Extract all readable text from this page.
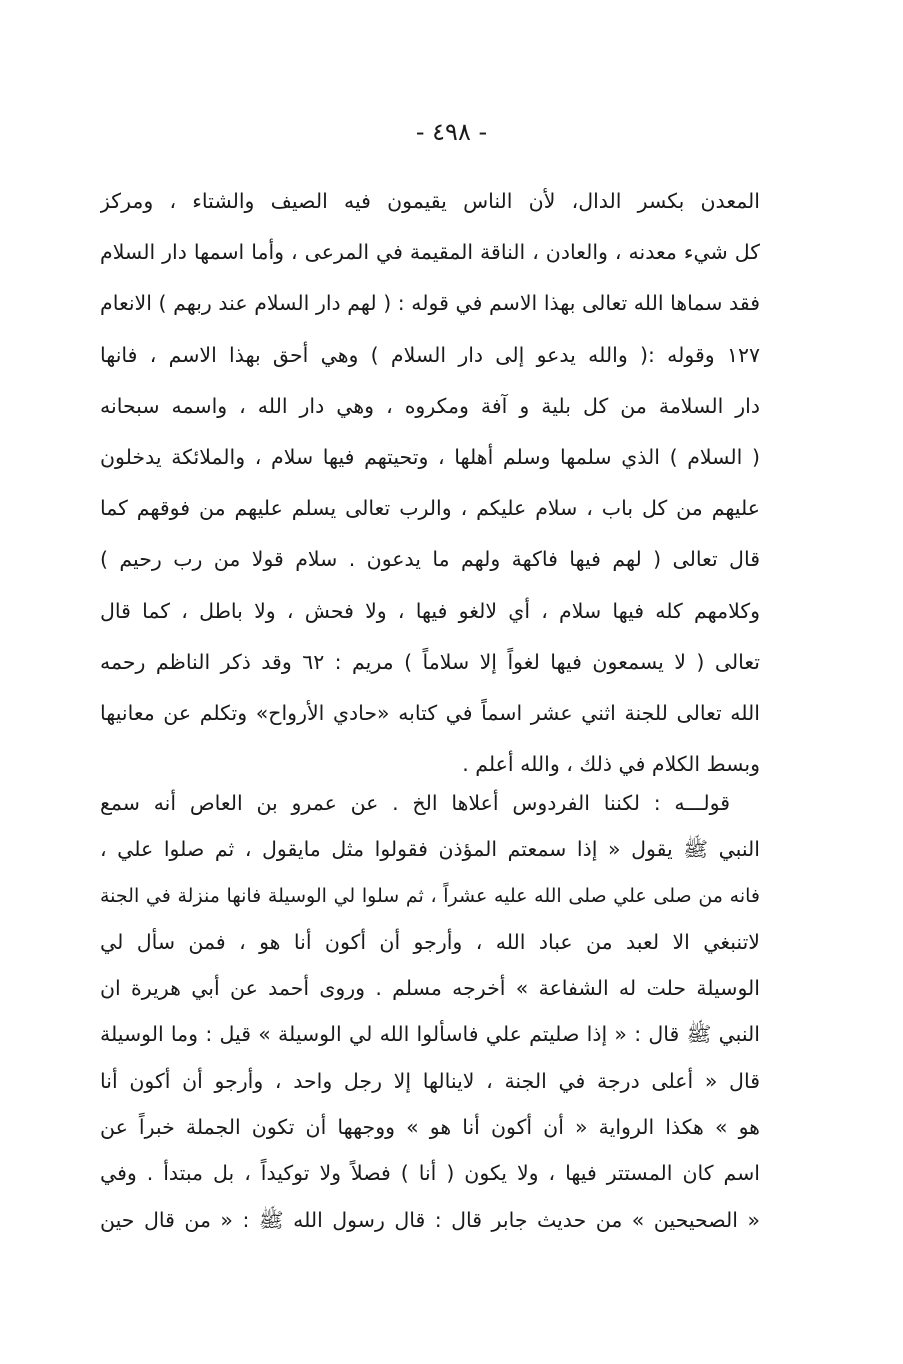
- ٤٩٨ -
المعدن بكسر الدال، لأن الناس يقيمون فيه الصيف والشتاء ، ومركز
كل شيء معدنه ، والعادن ، الناقة المقيمة في المرعى ، وأما اسمها دار السلام
فقد سماها الله تعالى بهذا الاسم في قوله : ( لهم دار السلام عند ربهم ) الانعام
١٢٧ وقوله :( والله يدعو إلى دار السلام ) وهي أحق بهذا الاسم ، فانها
دار السلامة من كل بلية و آفة ومكروه ، وهي دار الله ، واسمه سبحانه
( السلام ) الذي سلمها وسلم أهلها ، وتحيتهم فيها سلام ، والملائكة يدخلون
عليهم من كل باب ، سلام عليكم ، والرب تعالى يسلم عليهم من فوقهم كما
قال تعالى ( لهم فيها فاكهة ولهم ما يدعون . سلام قولا من رب رحيم )
وكلامهم كله فيها سلام ، أي لالغو فيها ، ولا فحش ، ولا باطل ، كما قال
تعالى ( لا يسمعون فيها لغواً إلا سلاماً ) مريم : ٦٢ وقد ذكر الناظم رحمه
الله تعالى للجنة اثني عشر اسماً في كتابه «حادي الأرواح» وتكلم عن معانيها
وبسط الكلام في ذلك ، والله أعلم .
قولـــه : لكننا الفردوس أعلاها الخ . عن عمرو بن العاص أنه سمع
النبي ﷺ يقول « إذا سمعتم المؤذن فقولوا مثل مايقول ، ثم صلوا علي ،
فانه من صلى علي صلى الله عليه عشراً ، ثم سلوا لي الوسيلة فانها منزلة في الجنة
لاتنبغي الا لعبد من عباد الله ، وأرجو أن أكون أنا هو ، فمن سأل لي
الوسيلة حلت له الشفاعة » أخرجه مسلم . وروى أحمد عن أبي هريرة ان
النبي ﷺ قال : « إذا صليتم علي فاسألوا الله لي الوسيلة » قيل : وما الوسيلة
قال « أعلى درجة في الجنة ، لاينالها إلا رجل واحد ، وأرجو أن أكون أنا
هو » هكذا الرواية « أن أكون أنا هو » ووجهها أن تكون الجملة خبراً عن
اسم كان المستتر فيها ، ولا يكون ( أنا ) فصلاً ولا توكيداً ، بل مبتدأ . وفي
« الصحيحين » من حديث جابر قال : قال رسول الله ﷺ : « من قال حين
